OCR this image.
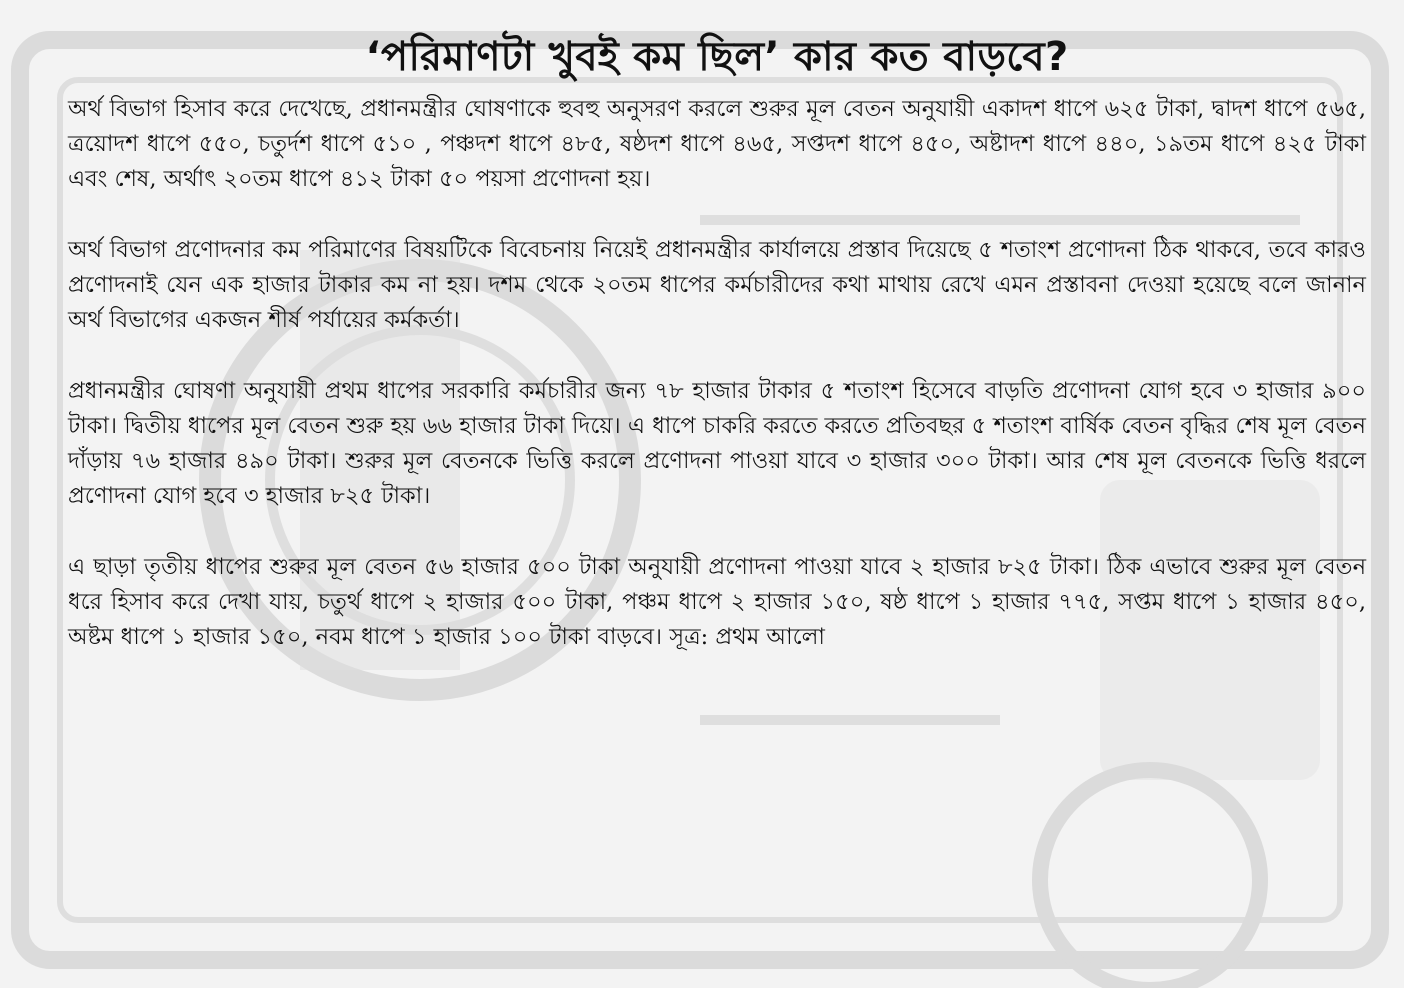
‘পরিমাণটা খুবই কম ছিল’ কার কত বাড়বে?

অর্থ বিভাগ হিসাব করে দেখেছে, প্রধানমন্ত্রীর ঘোষণাকে হুবহু অনুসরণ করলে শুরুর মূল বেতন অনুযায়ী একাদশ ধাপে ৬২৫ টাকা, দ্বাদশ ধাপে ৫৬৫, ত্রয়োদশ ধাপে ৫৫০, চতুর্দশ ধাপে ৫১০ , পঞ্চদশ ধাপে ৪৮৫, ষষ্ঠদশ ধাপে ৪৬৫, সপ্তদশ ধাপে ৪৫০, অষ্টাদশ ধাপে ৪৪০, ১৯তম ধাপে ৪২৫ টাকা এবং শেষ, অর্থাৎ ২০তম ধাপে ৪১২ টাকা ৫০ পয়সা প্রণোদনা হয়।

অর্থ বিভাগ প্রণোদনার কম পরিমাণের বিষয়টিকে বিবেচনায় নিয়েই প্রধানমন্ত্রীর কার্যালয়ে প্রস্তাব দিয়েছে ৫ শতাংশ প্রণোদনা ঠিক থাকবে, তবে কারও প্রণোদনাই যেন এক হাজার টাকার কম না হয়। দশম থেকে ২০তম ধাপের কর্মচারীদের কথা মাথায় রেখে এমন প্রস্তাবনা দেওয়া হয়েছে বলে জানান অর্থ বিভাগের একজন শীর্ষ পর্যায়ের কর্মকর্তা।

প্রধানমন্ত্রীর ঘোষণা অনুযায়ী প্রথম ধাপের সরকারি কর্মচারীর জন্য ৭৮ হাজার টাকার ৫ শতাংশ হিসেবে বাড়তি প্রণোদনা যোগ হবে ৩ হাজার ৯০০ টাকা। দ্বিতীয় ধাপের মূল বেতন শুরু হয় ৬৬ হাজার টাকা দিয়ে। এ ধাপে চাকরি করতে করতে প্রতিবছর ৫ শতাংশ বার্ষিক বেতন বৃদ্ধির শেষ মূল বেতন দাঁড়ায় ৭৬ হাজার ৪৯০ টাকা। শুরুর মূল বেতনকে ভিত্তি করলে প্রণোদনা পাওয়া যাবে ৩ হাজার ৩০০ টাকা। আর শেষ মূল বেতনকে ভিত্তি ধরলে প্রণোদনা যোগ হবে ৩ হাজার ৮২৫ টাকা।

এ ছাড়া তৃতীয় ধাপের শুরুর মূল বেতন ৫৬ হাজার ৫০০ টাকা অনুযায়ী প্রণোদনা পাওয়া যাবে ২ হাজার ৮২৫ টাকা। ঠিক এভাবে শুরুর মূল বেতন ধরে হিসাব করে দেখা যায়, চতুর্থ ধাপে ২ হাজার ৫০০ টাকা, পঞ্চম ধাপে ২ হাজার ১৫০, ষষ্ঠ ধাপে ১ হাজার ৭৭৫, সপ্তম ধাপে ১ হাজার ৪৫০, অষ্টম ধাপে ১ হাজার ১৫০, নবম ধাপে ১ হাজার ১০০ টাকা বাড়বে। সূত্র: প্রথম আলো
